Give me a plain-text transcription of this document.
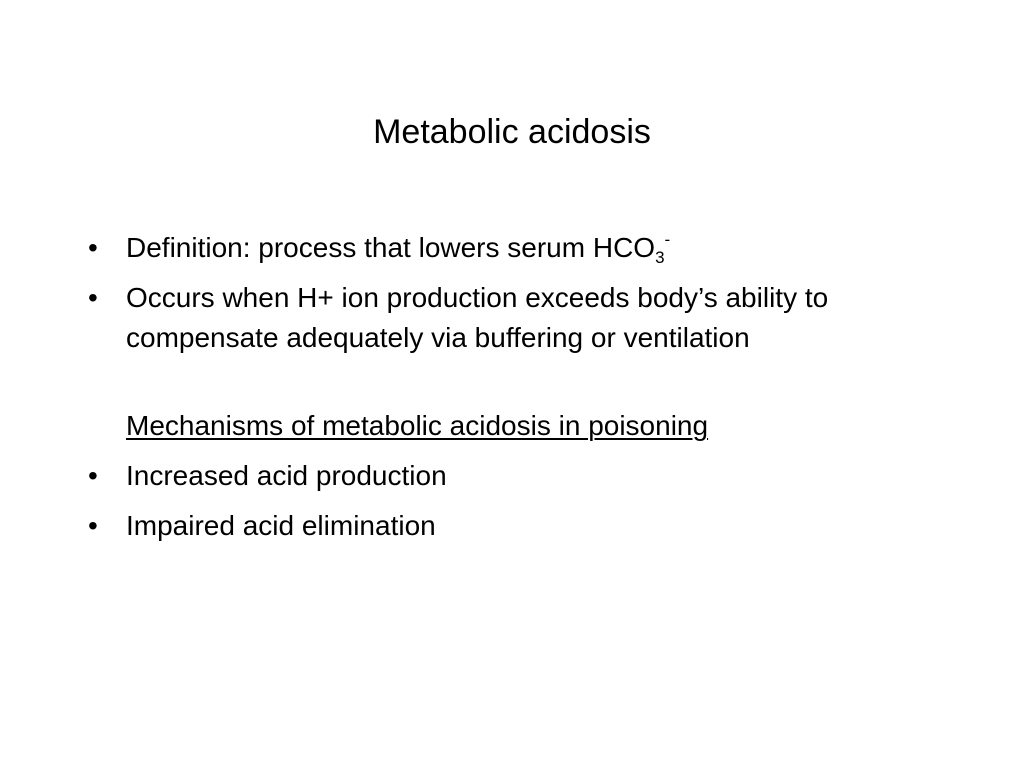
Metabolic acidosis
•	Definition: process that lowers serum $HCO_3^-$
•	Occurs when H+ ion production exceeds body’s ability to compensate adequately via buffering or ventilation
Mechanisms of metabolic acidosis in poisoning
•	Increased acid production
•	Impaired acid elimination
